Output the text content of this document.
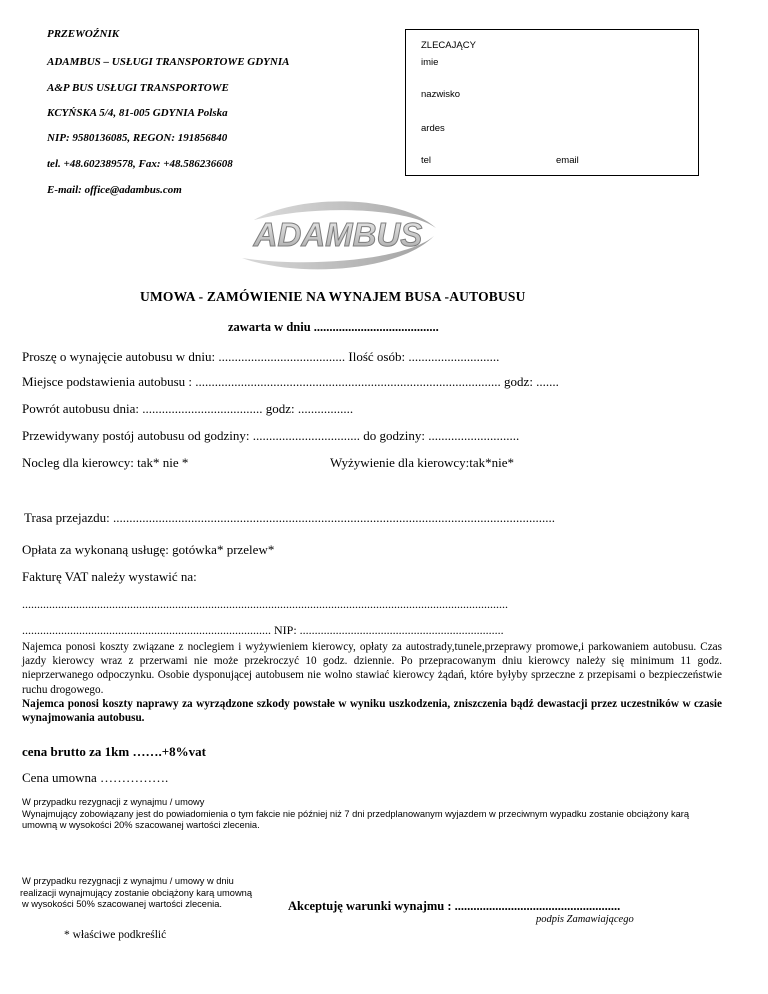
PRZEWOŹNIK
ADAMBUS – USŁUGI TRANSPORTOWE GDYNIA
A&P BUS USŁUGI TRANSPORTOWE
KCYŃSKA 5/4, 81-005 GDYNIA Polska
NIP: 9580136085, REGON: 191856840
tel. +48.602389578, Fax: +48.586236608
E-mail: office@adambus.com
ZLECAJĄCY
imie
nazwisko
ardes
tel	email
ADAMBUS
UMOWA - ZAMÓWIENIE NA WYNAJEM BUSA -AUTOBUSU
zawarta w dniu ........................................
Proszę o wynajęcie autobusu w dniu: ....................................... Ilość osób: ............................
Miejsce podstawienia autobusu : .............................................................................................. godz: .......
Powrót autobusu dnia: ..................................... godz: .................
Przewidywany postój autobusu od godziny: ................................. do godziny: ............................
Nocleg dla kierowcy: tak* nie *	Wyżywienie dla kierowcy:tak*nie*
Trasa przejazdu: ........................................................................................................................................
Opłata za wykonaną usługę: gotówka* przelew*
Fakturę VAT należy wystawić na:
..................................................................................................................................................................
................................................................................... NIP: ....................................................................
Najemca ponosi koszty związane z noclegiem i wyżywieniem kierowcy, opłaty za autostrady,tunele,przeprawy promowe,i parkowaniem autobusu. Czas jazdy kierowcy wraz z przerwami nie może przekroczyć 10 godz. dziennie. Po przepracowanym dniu kierowcy należy się minimum 11 godz. nieprzerwanego odpoczynku. Osobie dysponującej autobusem nie wolno stawiać kierowcy żądań, które byłyby sprzeczne z przepisami o bezpieczeństwie ruchu drogowego.
Najemca ponosi koszty naprawy za wyrządzone szkody powstałe w wyniku uszkodzenia, zniszczenia bądź dewastacji przez uczestników w czasie wynajmowania autobusu.
cena brutto za 1km …….+8%vat
Cena umowna …………….
W przypadku rezygnacji z wynajmu / umowy
Wynajmujący zobowiązany jest do powiadomienia o tym fakcie nie później niż 7 dni przedplanowanym wyjazdem w przeciwnym wypadku zostanie obciążony karą umowną w wysokości 20% szacowanej wartości zlecenia.
W przypadku rezygnacji z wynajmu / umowy w dniu
realizacji wynajmujący zostanie obciążony karą umowną
w wysokości 50% szacowanej wartości zlecenia.	Akceptuję warunki wynajmu : .....................................................
podpis Zamawiającego
* właściwe podkreślić
